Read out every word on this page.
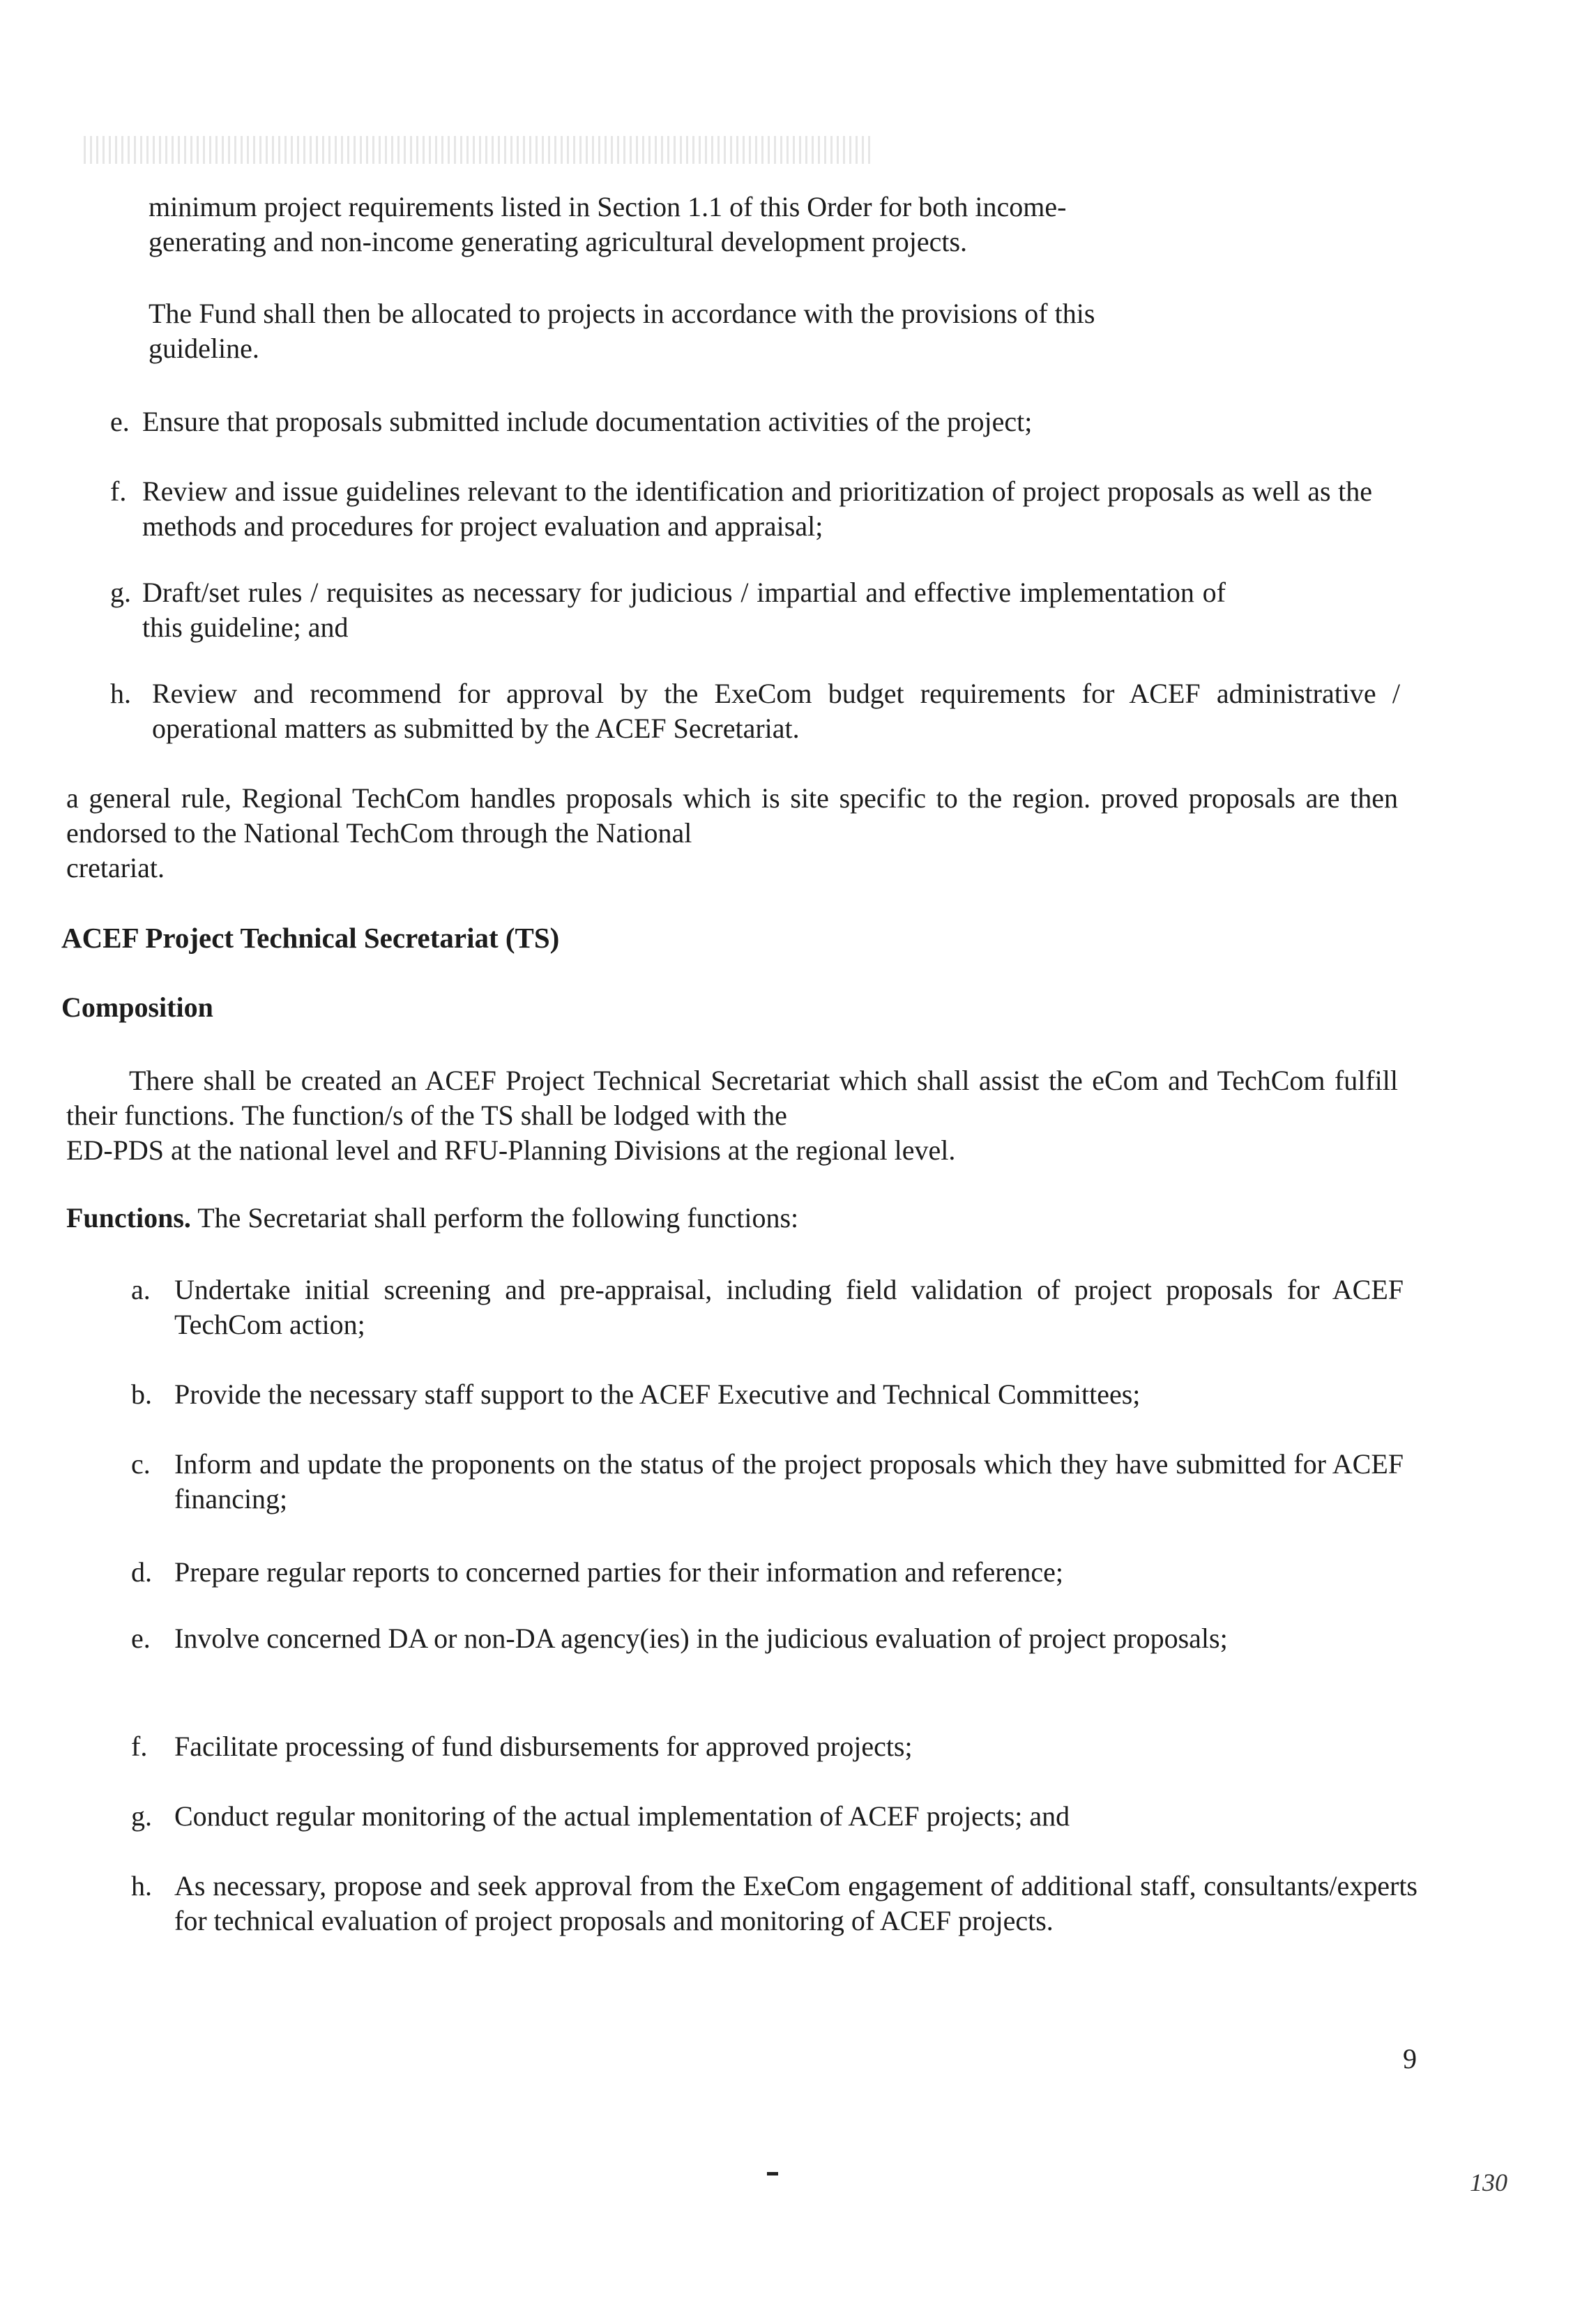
minimum project requirements listed in Section 1.1 of this Order for both income-
generating and non-income generating agricultural development projects.

The Fund shall then be allocated to projects in accordance with the provisions of this
guideline.

e. Ensure that proposals submitted include documentation activities of the project;
f. Review and issue guidelines relevant to the identification and prioritization of project proposals as well as the methods and procedures for project evaluation and appraisal;
g. Draft/set rules / requisites as necessary for judicious / impartial and effective implementation of this guideline; and
h. Review and recommend for approval by the ExeCom budget requirements for ACEF administrative / operational matters as submitted by the ACEF Secretariat.

a general rule, Regional TechCom handles proposals which is site specific to the region. proved proposals are then endorsed to the National TechCom through the National
cretariat.

ACEF Project Technical Secretariat (TS)
Composition

There shall be created an ACEF Project Technical Secretariat which shall assist the eCom and TechCom fulfill their functions. The function/s of the TS shall be lodged with the
ED-PDS at the national level and RFU-Planning Divisions at the regional level.

Functions. The Secretariat shall perform the following functions:

a. Undertake initial screening and pre-appraisal, including field validation of project proposals for ACEF TechCom action;
b. Provide the necessary staff support to the ACEF Executive and Technical Committees;
c. Inform and update the proponents on the status of the project proposals which they have submitted for ACEF financing;
d. Prepare regular reports to concerned parties for their information and reference;
e. Involve concerned DA or non-DA agency(ies) in the judicious evaluation of project proposals;
f. Facilitate processing of fund disbursements for approved projects;
g. Conduct regular monitoring of the actual implementation of ACEF projects; and
h. As necessary, propose and seek approval from the ExeCom engagement of additional staff, consultants/experts for technical evaluation of project proposals and monitoring of ACEF projects.
9
130
